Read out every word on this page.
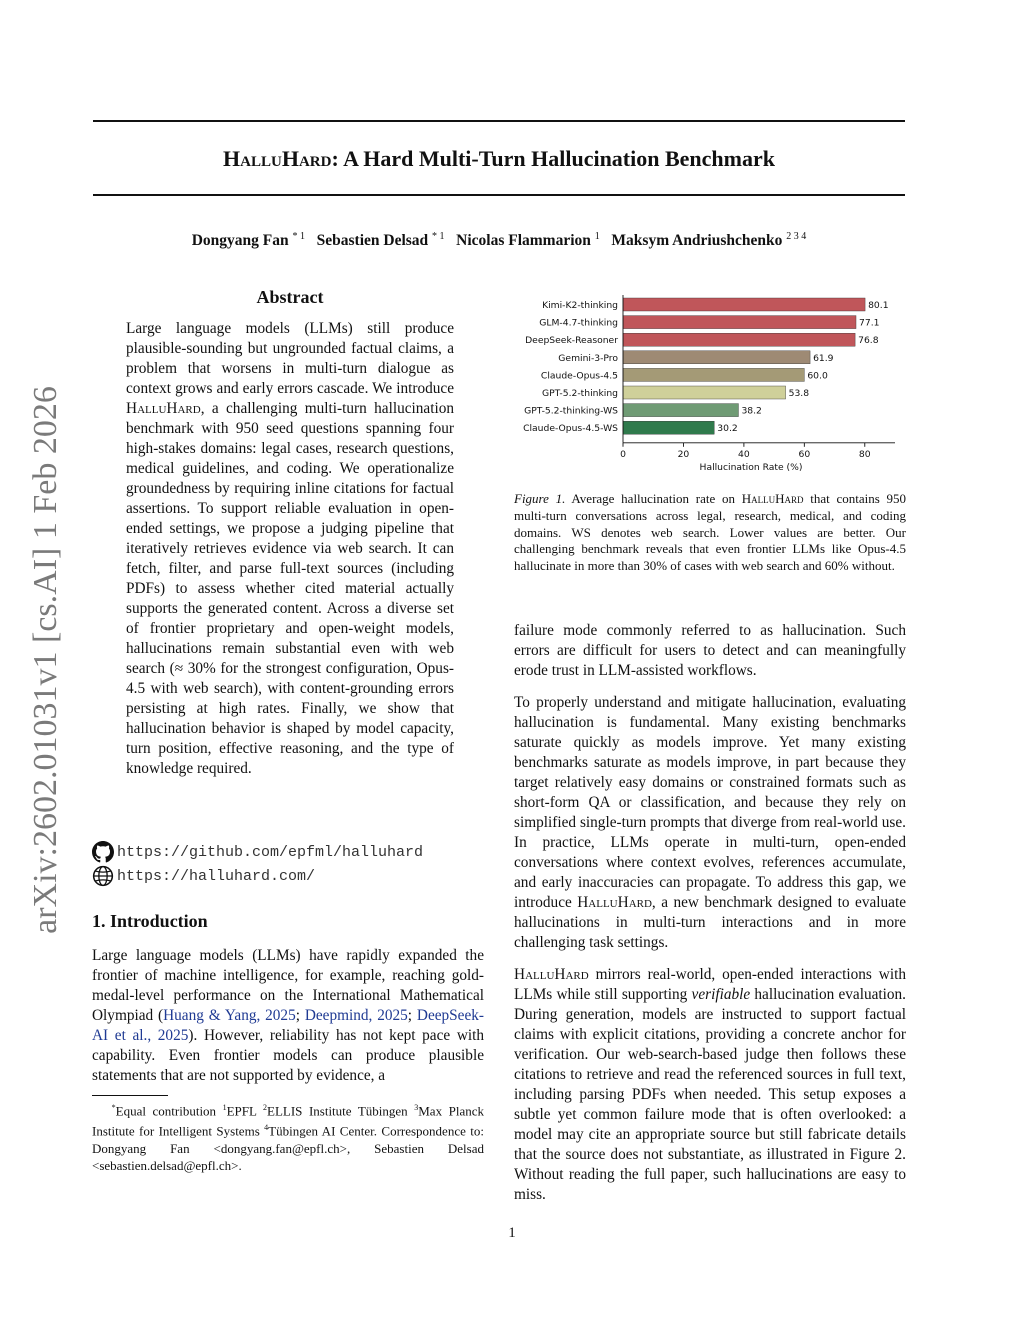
arXiv:2602.01031v1 [cs.AI] 1 Feb 2026
HalluHard: A Hard Multi-Turn Hallucination Benchmark
Dongyang Fan $^{* 1}$ Sebastien Delsad $^{* 1}$ Nicolas Flammarion $^1$ Maksym Andriushchenko $^{2 3 4}$
Abstract
Large language models (LLMs) still produce plausible-sounding but ungrounded factual claims, a problem that worsens in multi-turn dialogue as context grows and early errors cascade. We introduce HalluHard, a challenging multi-turn hallucination benchmark with 950 seed questions spanning four high-stakes domains: legal cases, research questions, medical guidelines, and coding. We operationalize groundedness by requiring inline citations for factual assertions. To support reliable evaluation in open-ended settings, we propose a judging pipeline that iteratively retrieves evidence via web search. It can fetch, filter, and parse full-text sources (including PDFs) to assess whether cited material actually supports the generated content. Across a diverse set of frontier proprietary and open-weight models, hallucinations remain substantial even with web search (≈ 30% for the strongest configuration, Opus-4.5 with web search), with content-grounding errors persisting at high rates. Finally, we show that hallucination behavior is shaped by model capacity, turn position, effective reasoning, and the type of knowledge required.
https://github.com/epfml/halluhard
https://halluhard.com/
1. Introduction
Large language models (LLMs) have rapidly expanded the frontier of machine intelligence, for example, reaching gold-medal-level performance on the International Mathematical Olympiad (Huang & Yang, 2025; Deepmind, 2025; DeepSeek-AI et al., 2025). However, reliability has not kept pace with capability. Even frontier models can produce plausible statements that are not supported by evidence, a
*Equal contribution $^1$EPFL $^2$ELLIS Institute Tübingen $^3$Max Planck Institute for Intelligent Systems $^4$Tübingen AI Center. Correspondence to: Dongyang Fan <dongyang.fan@epfl.ch>, Sebastien Delsad <sebastien.delsad@epfl.ch>.
Kimi-K2-thinking	80.1
GLM-4.7-thinking	77.1
DeepSeek-Reasoner	76.8
Gemini-3-Pro	61.9
Claude-Opus-4.5	60.0
GPT-5.2-thinking	53.8
GPT-5.2-thinking-WS	38.2
Claude-Opus-4.5-WS	30.2
0	20	40	60	80
Hallucination Rate (%)
Figure 1. Average hallucination rate on HalluHard that contains 950 multi-turn conversations across legal, research, medical, and coding domains. WS denotes web search. Lower values are better. Our challenging benchmark reveals that even frontier LLMs like Opus-4.5 hallucinate in more than 30% of cases with web search and 60% without.

failure mode commonly referred to as hallucination. Such errors are difficult for users to detect and can meaningfully erode trust in LLM-assisted workflows.

To properly understand and mitigate hallucination, evaluating hallucination is fundamental. Many existing benchmarks saturate quickly as models improve. Yet many existing benchmarks saturate as models improve, in part because they target relatively easy domains or constrained formats such as short-form QA or classification, and because they rely on simplified single-turn prompts that diverge from real-world use. In practice, LLMs operate in multi-turn, open-ended conversations where context evolves, references accumulate, and early inaccuracies can propagate. To address this gap, we introduce HalluHard, a new benchmark designed to evaluate hallucinations in multi-turn interactions and in more challenging task settings.

HalluHard mirrors real-world, open-ended interactions with LLMs while still supporting verifiable hallucination evaluation. During generation, models are instructed to support factual claims with explicit citations, providing a concrete anchor for verification. Our web-search-based judge then follows these citations to retrieve and read the referenced sources in full text, including parsing PDFs when needed. This setup exposes a subtle yet common failure mode that is often overlooked: a model may cite an appropriate source but still fabricate details that the source does not substantiate, as illustrated in Figure 2. Without reading the full paper, such hallucinations are easy to miss.

1
